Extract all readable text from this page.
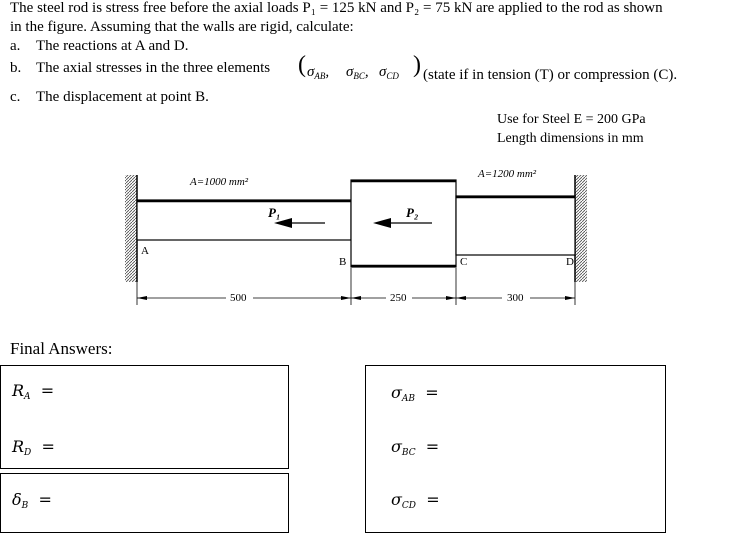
The steel rod is stress free before the axial loads P₁ = 125 kN and P₂ = 75 kN are applied to the rod as shown
in the figure. Assuming that the walls are rigid, calculate:
a. The reactions at A and D.
b. The axial stresses in the three elements ( $\sigma_{AB}$, $\sigma_{BC}$, $\sigma_{CD}$ ) (state if in tension (T) or compression (C).
c. The displacement at point B.
Use for Steel E = 200 GPa
Length dimensions in mm
A=1000 mm²
A=1200 mm²
P₁	P₂
A
B	C	D
500	250	300
Final Answers:
$R_A$ =
$R_D$ =
$\delta_B$ =
$\sigma_{AB}$ =
$\sigma_{BC}$ =
$\sigma_{CD}$ =
